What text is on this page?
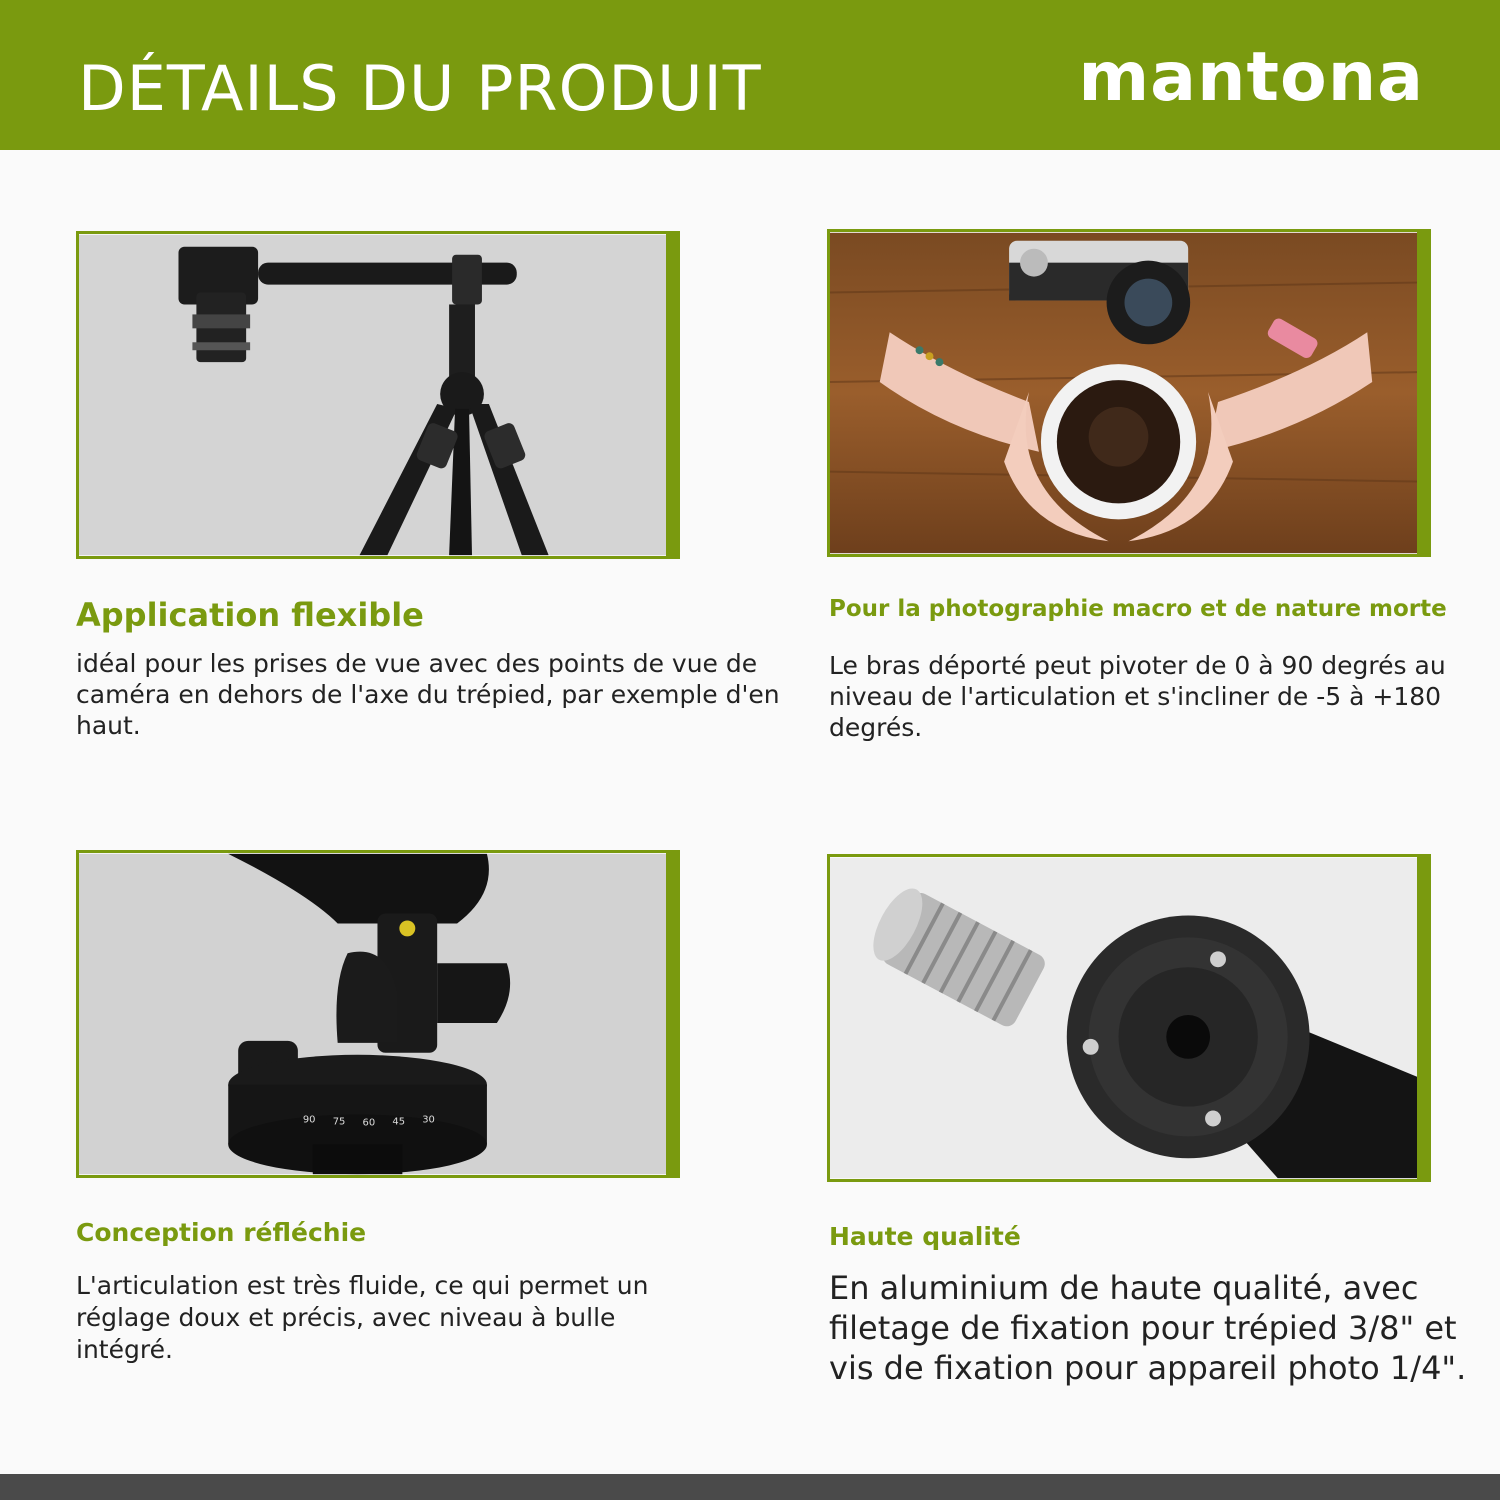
DÉTAILS DU PRODUIT	mantona
Application flexible
idéal pour les prises de vue avec des points de vue de caméra en dehors de l'axe du trépied, par exemple d'en haut.
Pour la photographie macro et de nature morte
Le bras déporté peut pivoter de 0 à 90 degrés au niveau de l'articulation et s'incliner de -5 à +180 degrés.
90 75 60 45 30
Conception réfléchie
L'articulation est très fluide, ce qui permet un réglage doux et précis, avec niveau à bulle intégré.
Haute qualité
En aluminium de haute qualité, avec filetage de fixation pour trépied 3/8" et vis de fixation pour appareil photo 1/4".
